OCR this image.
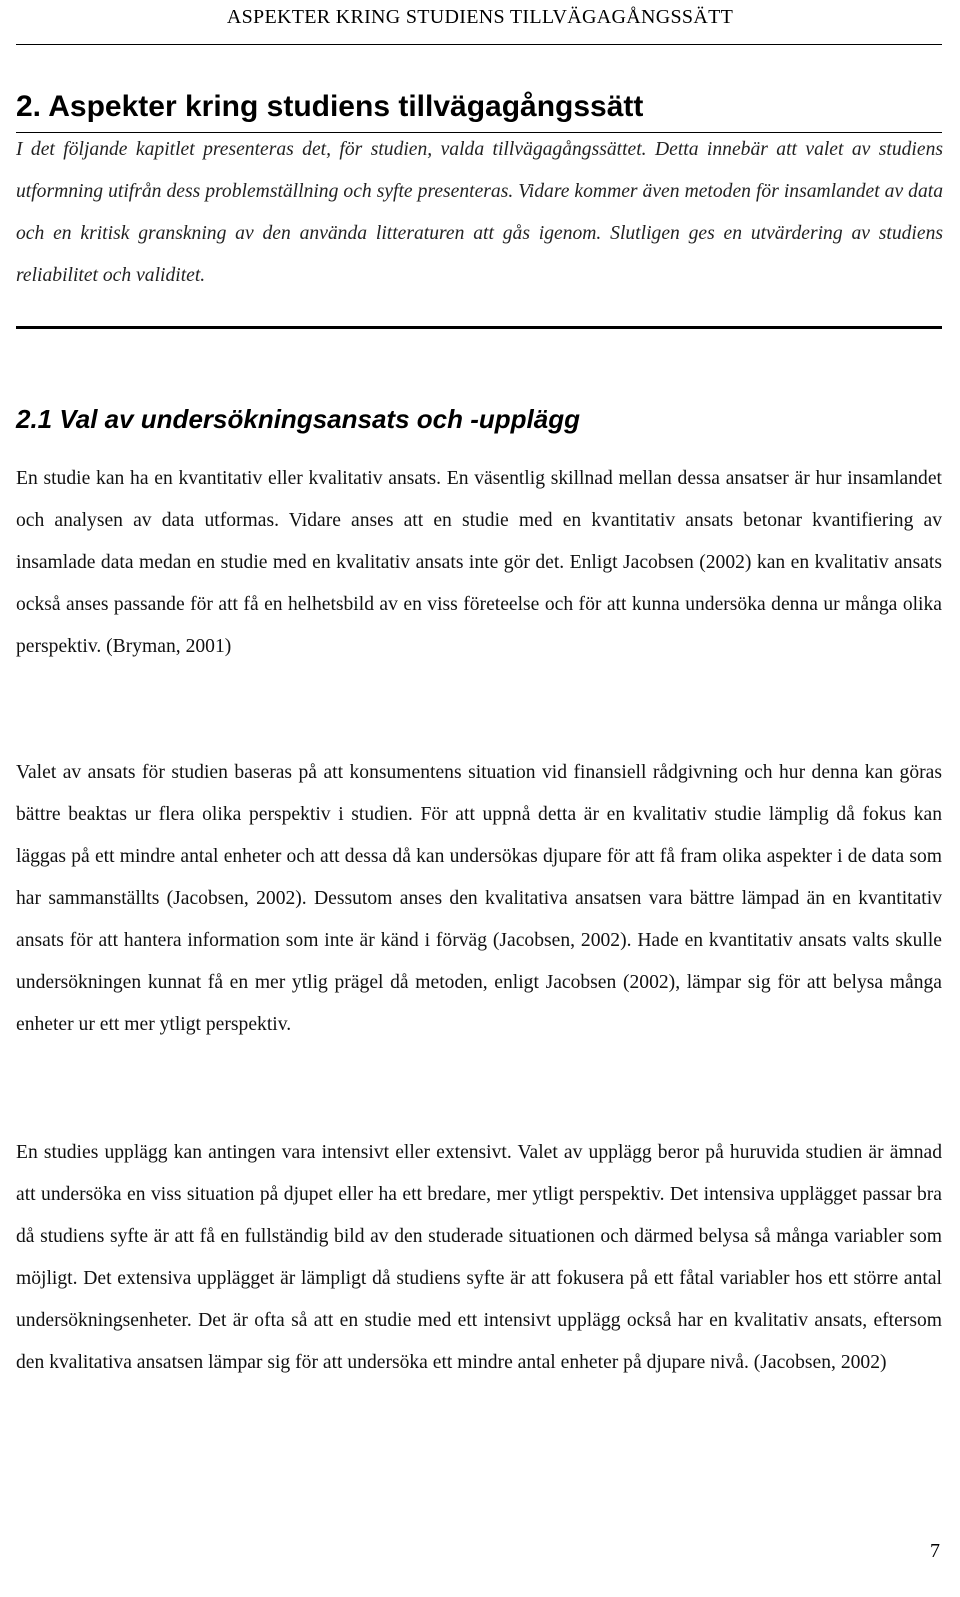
ASPEKTER KRING STUDIENS TILLVÄGAGÅNGSSÄTT
2. Aspekter kring studiens tillvägagångssätt

I det följande kapitlet presenteras det, för studien, valda tillvägagångssättet. Detta innebär att valet av studiens utformning utifrån dess problemställning och syfte presenteras. Vidare kommer även metoden för insamlandet av data och en kritisk granskning av den använda litteraturen att gås igenom. Slutligen ges en utvärdering av studiens reliabilitet och validitet.

2.1 Val av undersökningsansats och -upplägg

En studie kan ha en kvantitativ eller kvalitativ ansats. En väsentlig skillnad mellan dessa ansatser är hur insamlandet och analysen av data utformas. Vidare anses att en studie med en kvantitativ ansats betonar kvantifiering av insamlade data medan en studie med en kvalitativ ansats inte gör det. Enligt Jacobsen (2002) kan en kvalitativ ansats också anses passande för att få en helhetsbild av en viss företeelse och för att kunna undersöka denna ur många olika perspektiv. (Bryman, 2001)

Valet av ansats för studien baseras på att konsumentens situation vid finansiell rådgivning och hur denna kan göras bättre beaktas ur flera olika perspektiv i studien. För att uppnå detta är en kvalitativ studie lämplig då fokus kan läggas på ett mindre antal enheter och att dessa då kan undersökas djupare för att få fram olika aspekter i de data som har sammanställts (Jacobsen, 2002). Dessutom anses den kvalitativa ansatsen vara bättre lämpad än en kvantitativ ansats för att hantera information som inte är känd i förväg (Jacobsen, 2002). Hade en kvantitativ ansats valts skulle undersökningen kunnat få en mer ytlig prägel då metoden, enligt Jacobsen (2002), lämpar sig för att belysa många enheter ur ett mer ytligt perspektiv.

En studies upplägg kan antingen vara intensivt eller extensivt. Valet av upplägg beror på huruvida studien är ämnad att undersöka en viss situation på djupet eller ha ett bredare, mer ytligt perspektiv. Det intensiva upplägget passar bra då studiens syfte är att få en fullständig bild av den studerade situationen och därmed belysa så många variabler som möjligt. Det extensiva upplägget är lämpligt då studiens syfte är att fokusera på ett fåtal variabler hos ett större antal undersökningsenheter. Det är ofta så att en studie med ett intensivt upplägg också har en kvalitativ ansats, eftersom den kvalitativa ansatsen lämpar sig för att undersöka ett mindre antal enheter på djupare nivå. (Jacobsen, 2002)

7
